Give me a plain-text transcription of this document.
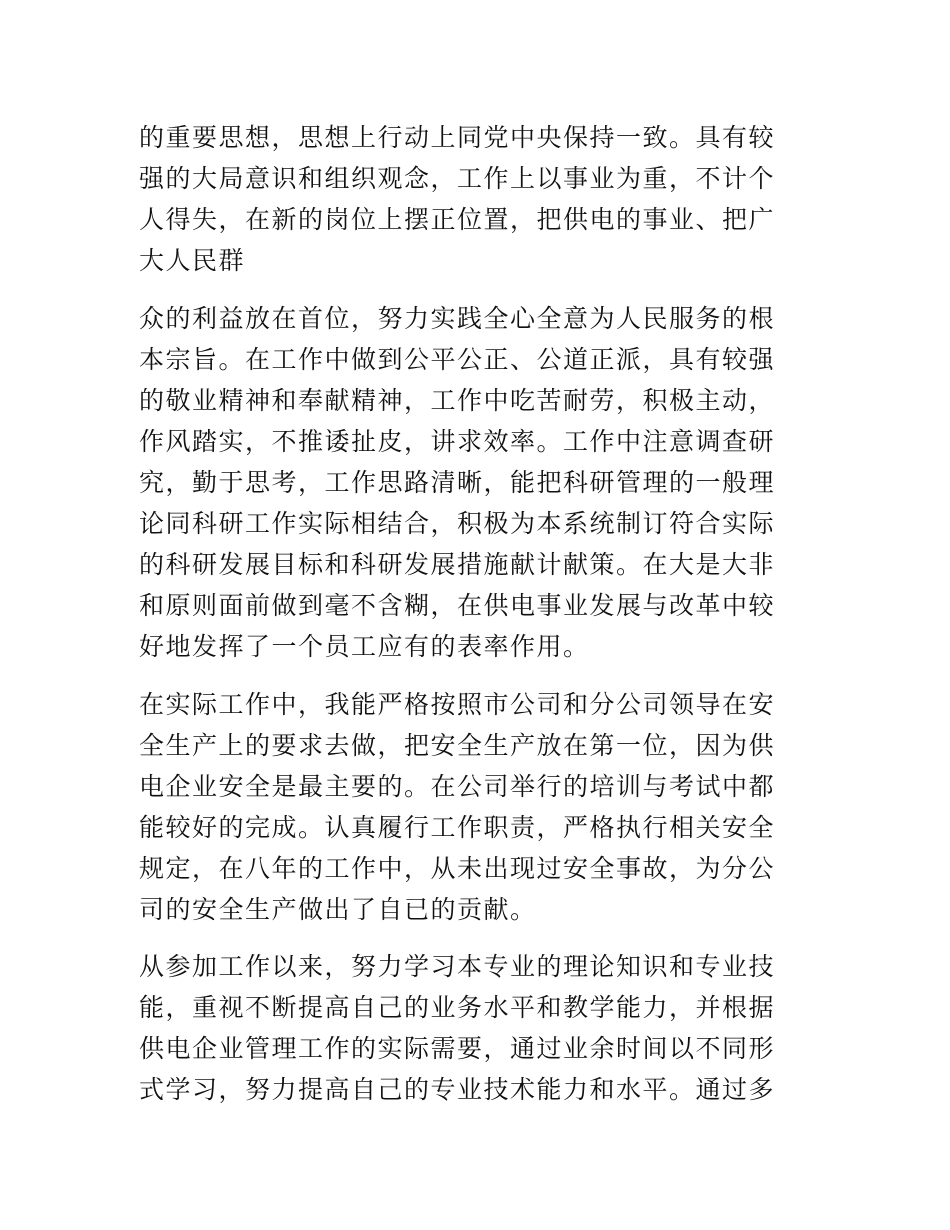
的重要思想，思想上行动上同党中央保持一致。具有较
强的大局意识和组织观念，工作上以事业为重，不计个
人得失，在新的岗位上摆正位置，把供电的事业、把广
大人民群
众的利益放在首位，努力实践全心全意为人民服务的根
本宗旨。在工作中做到公平公正、公道正派，具有较强
的敬业精神和奉献精神，工作中吃苦耐劳，积极主动，
作风踏实，不推诿扯皮，讲求效率。工作中注意调查研
究，勤于思考，工作思路清晰，能把科研管理的一般理
论同科研工作实际相结合，积极为本系统制订符合实际
的科研发展目标和科研发展措施献计献策。在大是大非
和原则面前做到毫不含糊，在供电事业发展与改革中较
好地发挥了一个员工应有的表率作用。
在实际工作中，我能严格按照市公司和分公司领导在安
全生产上的要求去做，把安全生产放在第一位，因为供
电企业安全是最主要的。在公司举行的培训与考试中都
能较好的完成。认真履行工作职责，严格执行相关安全
规定，在八年的工作中，从未出现过安全事故，为分公
司的安全生产做出了自已的贡献。
从参加工作以来，努力学习本专业的理论知识和专业技
能，重视不断提高自己的业务水平和教学能力，并根据
供电企业管理工作的实际需要，通过业余时间以不同形
式学习，努力提高自己的专业技术能力和水平。通过多
